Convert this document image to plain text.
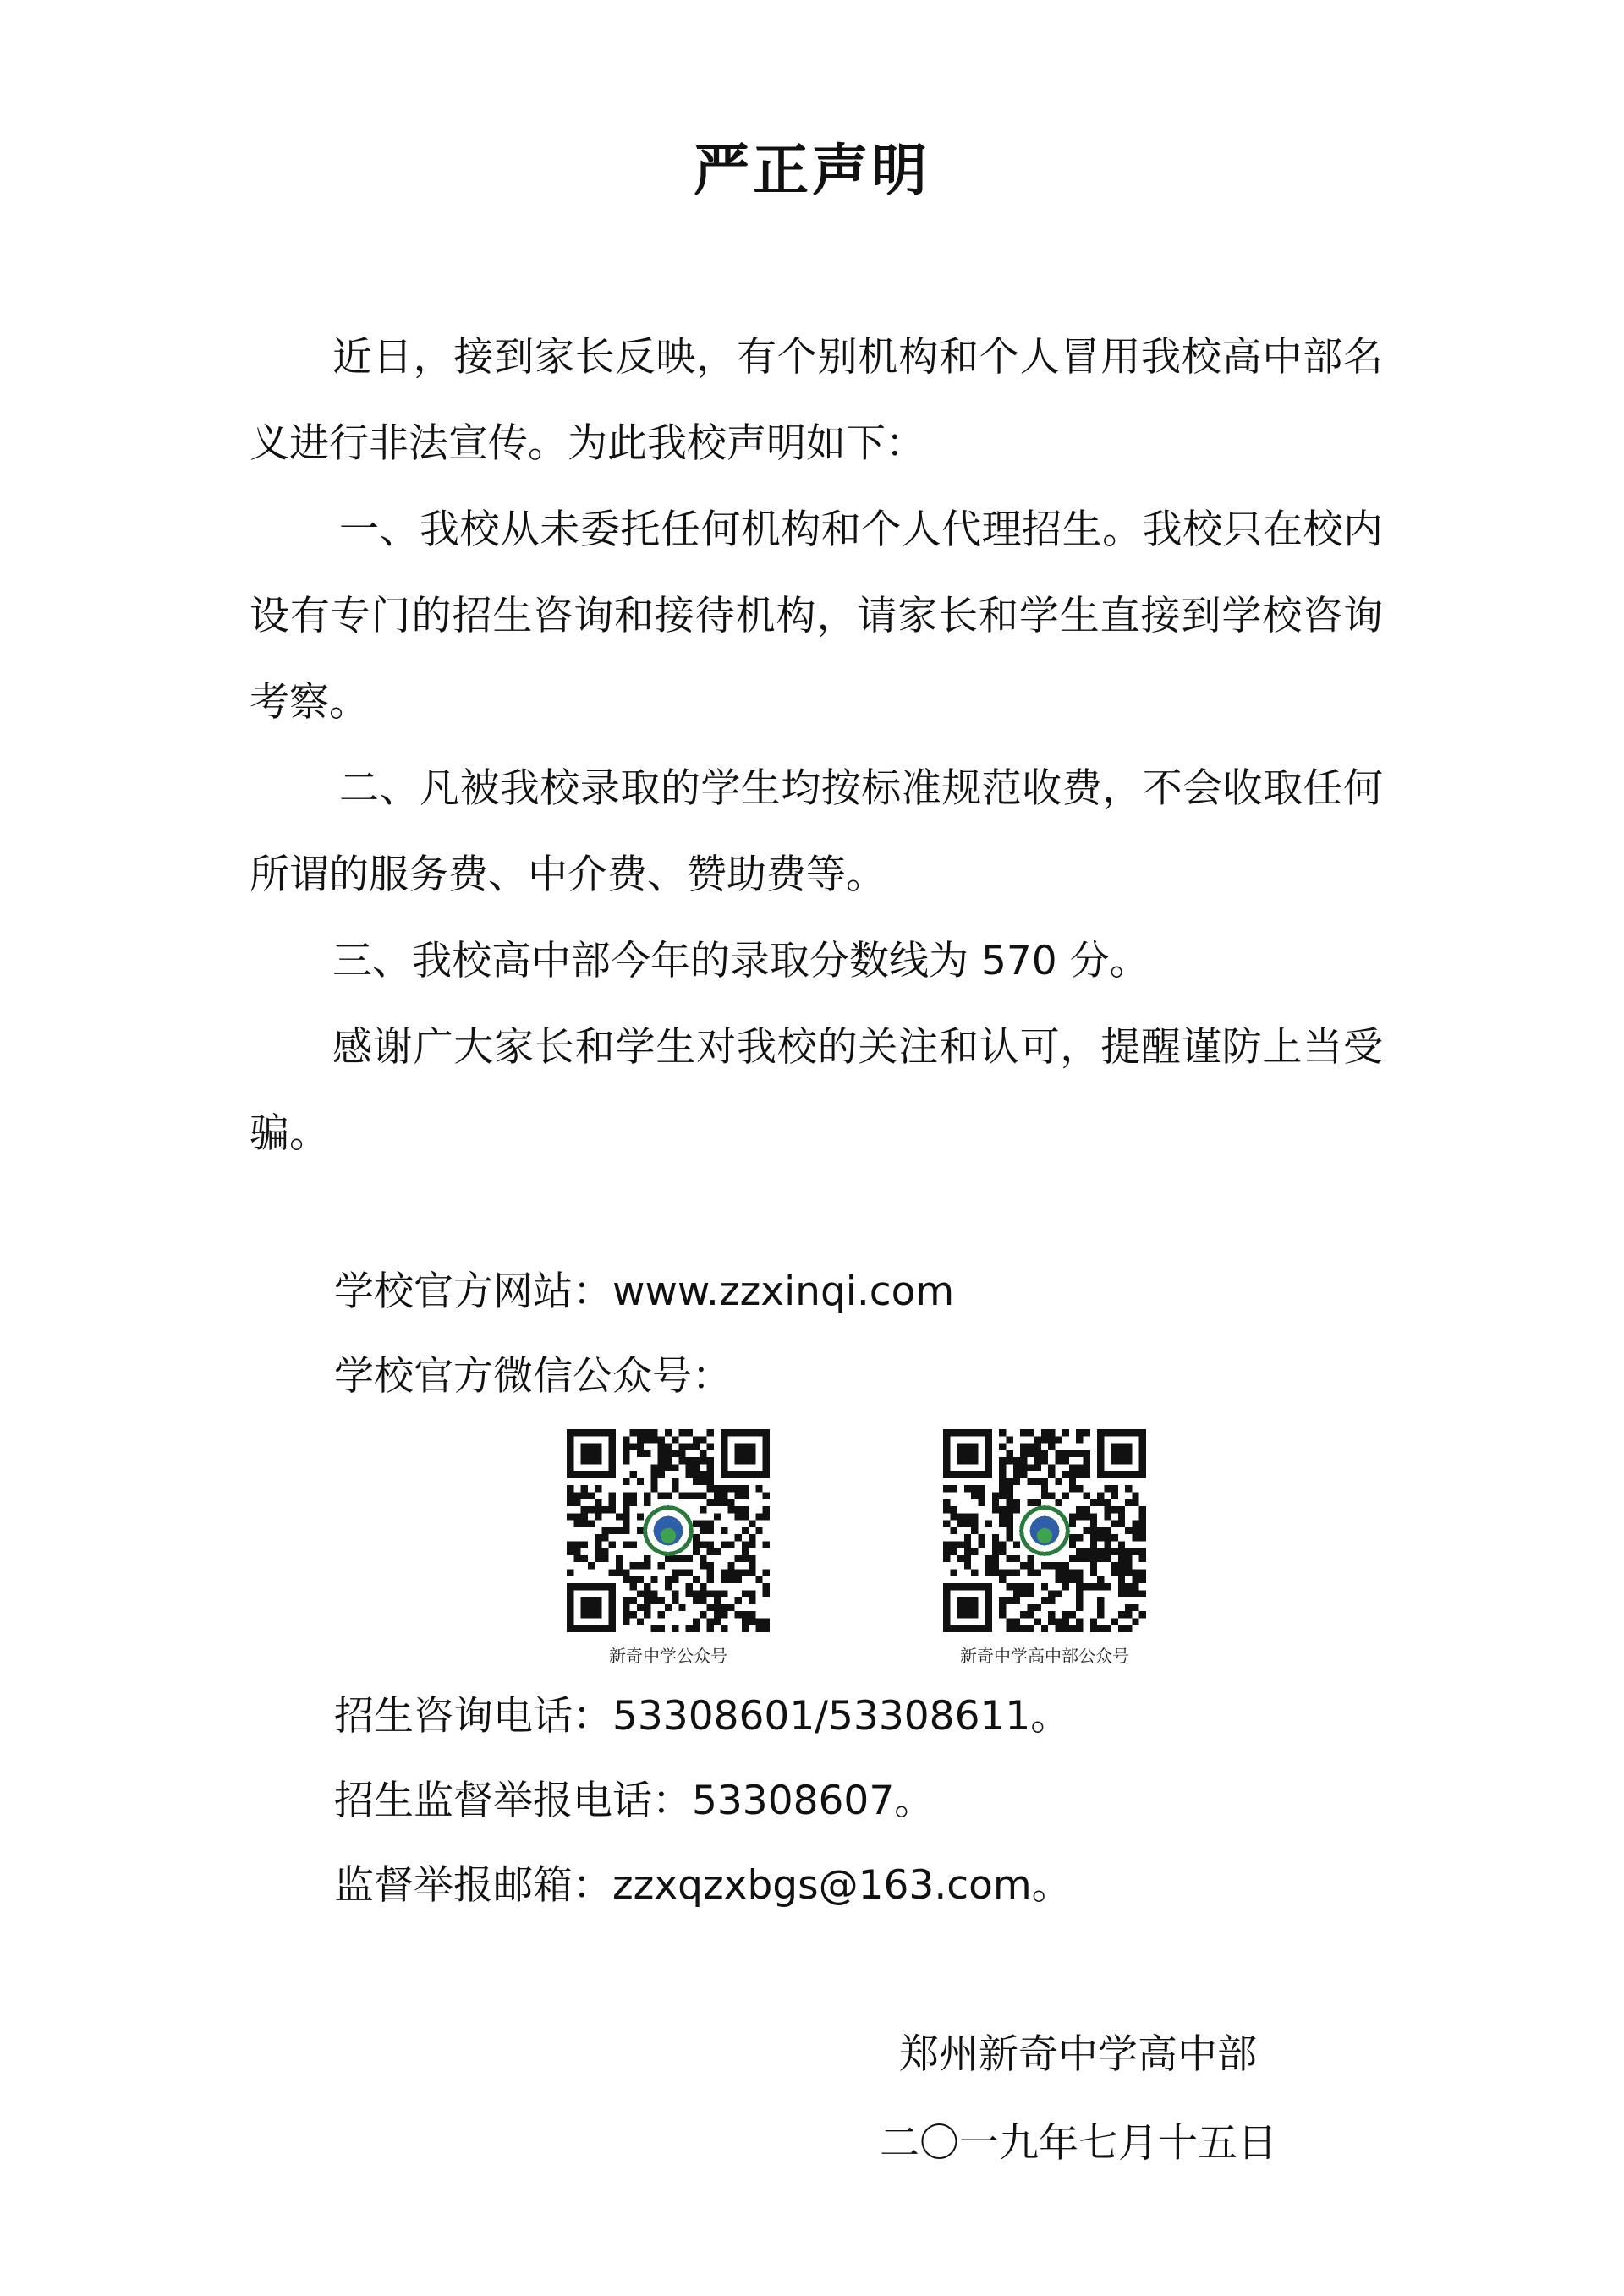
严正声明

近日，接到家长反映，有个别机构和个人冒用我校高中部名义进行非法宣传。为此我校声明如下：

一、我校从未委托任何机构和个人代理招生。我校只在校内设有专门的招生咨询和接待机构，请家长和学生直接到学校咨询考察。

二、凡被我校录取的学生均按标准规范收费，不会收取任何所谓的服务费、中介费、赞助费等。

三、我校高中部今年的录取分数线为 570 分。

感谢广大家长和学生对我校的关注和认可，提醒谨防上当受骗。

学校官方网站：www.zzxinqi.com
学校官方微信公众号：
新奇中学公众号	新奇中学高中部公众号
招生咨询电话：53308601/53308611。
招生监督举报电话：53308607。
监督举报邮箱：zzxqzxbgs@163.com。
郑州新奇中学高中部
二〇一九年七月十五日
